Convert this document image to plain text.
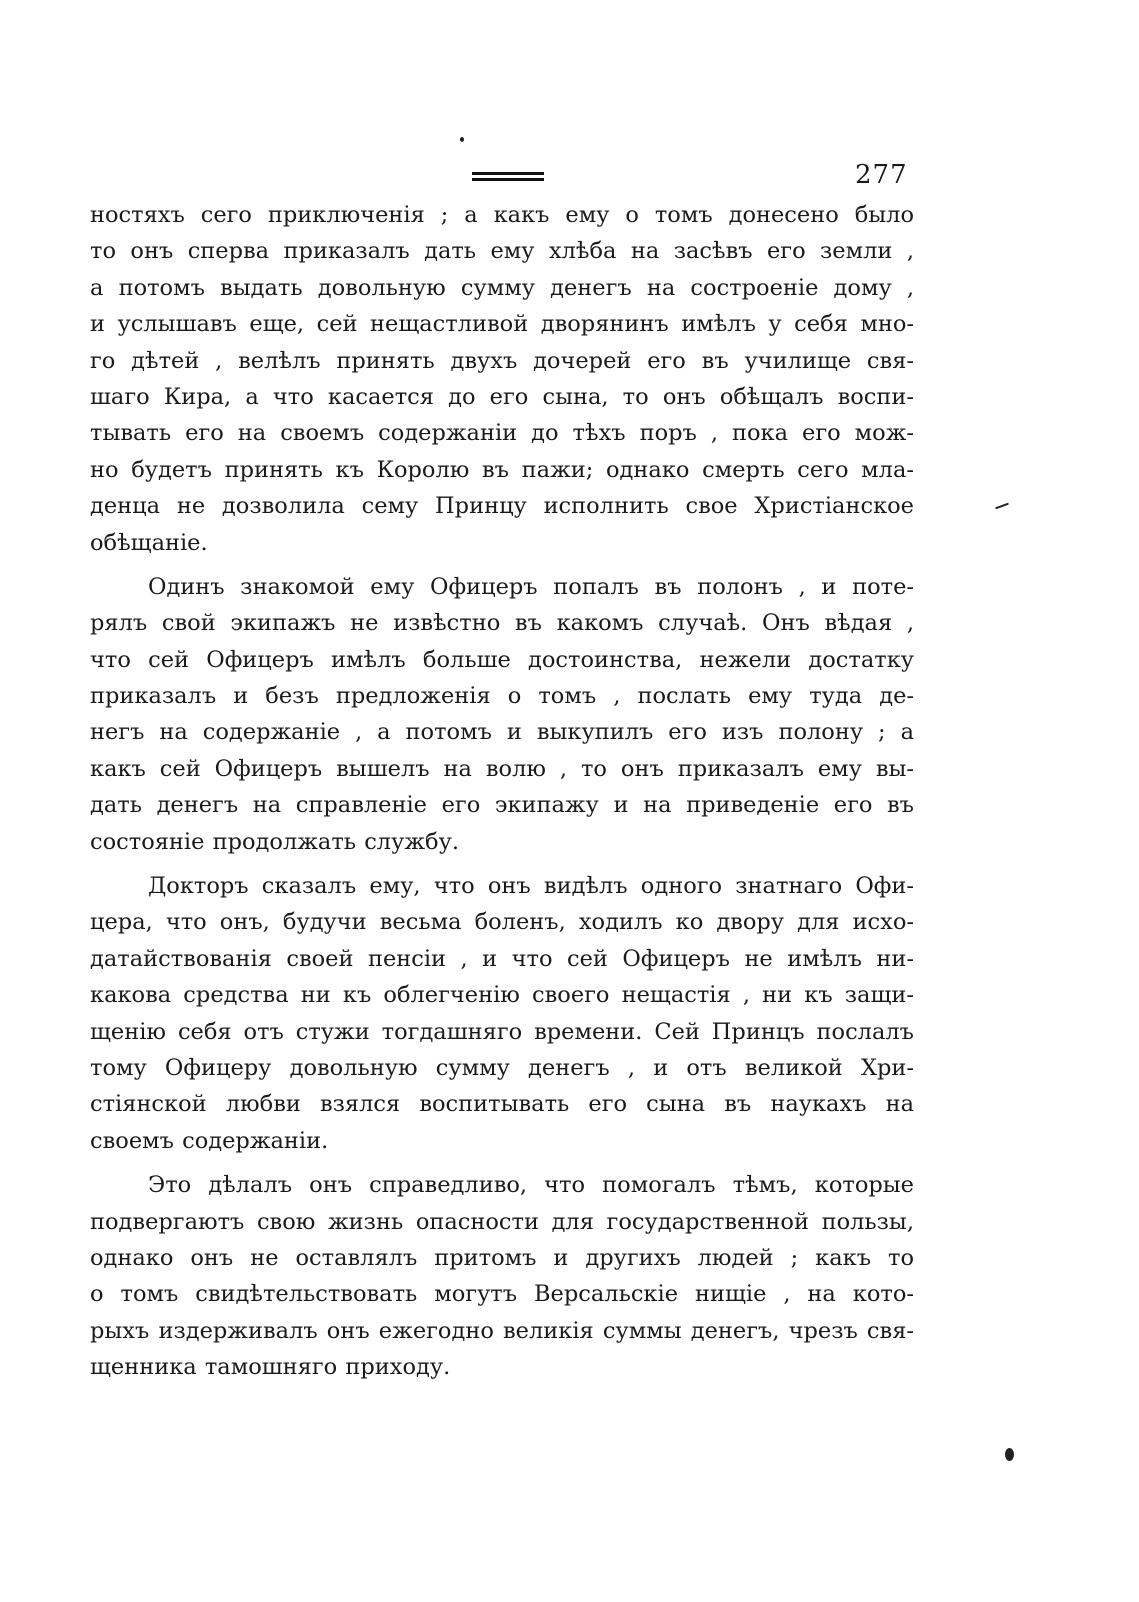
277
ностяхъ сего приключенія ; а какъ ему о томъ донесено было
то онъ сперва приказалъ дать ему хлѣба на засѣвъ его земли ,
а потомъ выдать довольную сумму денегъ на состроеніе дому ,
и услышавъ еще, сей нещастливой дворянинъ имѣлъ у себя мно-
го дѣтей , велѣлъ принять двухъ дочерей его въ училище свя-
шаго Кира, а что касается до его сына, то онъ обѣщалъ воспи-
тывать его на своемъ содержаніи до тѣхъ поръ , пока его мож-
но будетъ принять къ Королю въ пажи; однако смерть сего мла-
денца не дозволила сему Принцу исполнить свое Христіанское
обѣщаніе.
Одинъ знакомой ему Офицеръ попалъ въ полонъ , и поте-
рялъ свой экипажъ не извѣстно въ какомъ случаѣ. Онъ вѣдая ,
что сей Офицеръ имѣлъ больше достоинства, нежели достатку
приказалъ и безъ предложенія о томъ , послать ему туда де-
негъ на содержаніе , а потомъ и выкупилъ его изъ полону ; а
какъ сей Офицеръ вышелъ на волю , то онъ приказалъ ему вы-
дать денегъ на справленіе его экипажу и на приведеніе его въ
состояніе продолжать службу.
Докторъ сказалъ ему, что онъ видѣлъ одного знатнаго Офи-
цера, что онъ, будучи весьма боленъ, ходилъ ко двору для исхо-
датайствованія своей пенсіи , и что сей Офицеръ не имѣлъ ни-
какова средства ни къ облегченію своего нещастія , ни къ защи-
щенію себя отъ стужи тогдашняго времени. Сей Принцъ послалъ
тому Офицеру довольную сумму денегъ , и отъ великой Хри-
стіянской любви взялся воспитывать его сына въ наукахъ на
своемъ содержаніи.
Это дѣлалъ онъ справедливо, что помогалъ тѣмъ, которые
подвергаютъ свою жизнь опасности для государственной пользы,
однако онъ не оставлялъ притомъ и другихъ людей ; какъ то
о томъ свидѣтельствовать могутъ Версальскіе нищіе , на кото-
рыхъ издерживалъ онъ ежегодно великія суммы денегъ, чрезъ свя-
щенника тамошняго приходу.
